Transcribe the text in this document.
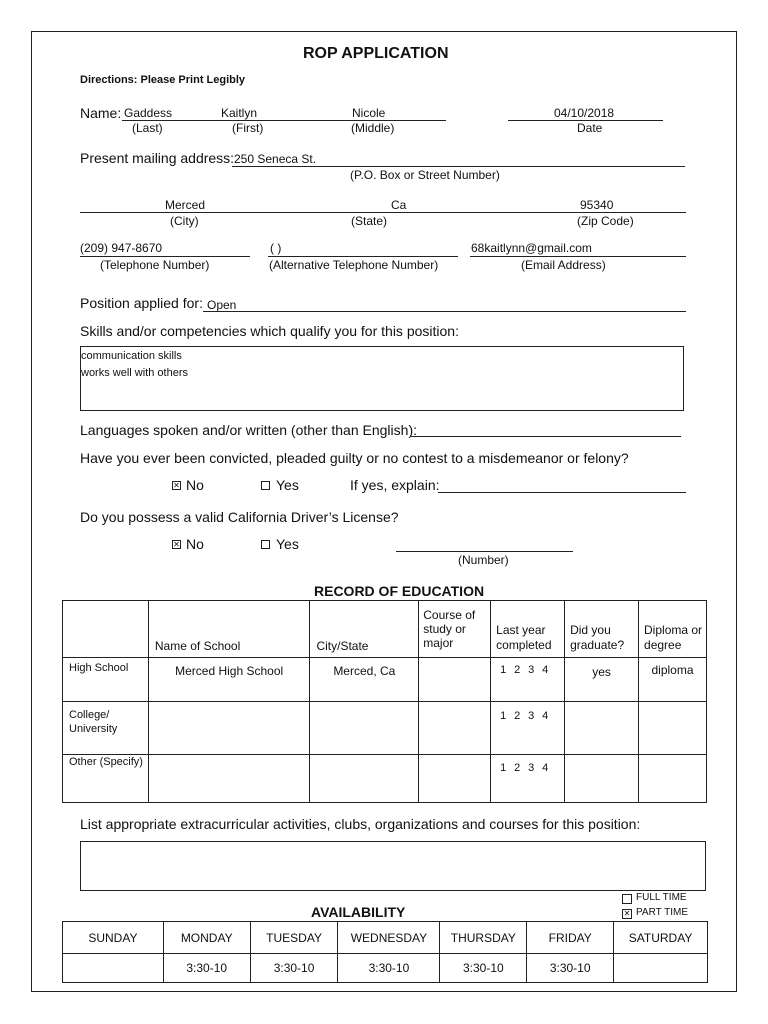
ROP APPLICATION
Directions: Please Print Legibly
Name: Gaddess	Kaitlyn	Nicole	04/10/2018
(Last)	(First)	(Middle)	Date
Present mailing address: 250 Seneca St.
(P.O. Box or Street Number)
Merced	Ca	95340
(City)	(State)	(Zip Code)
(209) 947-8670	( )	68kaitlynn@gmail.com
(Telephone Number)	(Alternative Telephone Number)	(Email Address)
Position applied for: Open
Skills and/or competencies which qualify you for this position:
communication skills
works well with others
Languages spoken and/or written (other than English):
Have you ever been convicted, pleaded guilty or no contest to a misdemeanor or felony?
✕
No	Yes	If yes, explain:
Do you possess a valid California Driver’s License?
✕
No	Yes
(Number)
RECORD OF EDUCATION
	Name of School	City/State	Course of study or major	Last year completed	Did you graduate?	Diploma or degree
High School	Merced High School	Merced, Ca		1 2 3 4	yes	diploma
College/ University				1 2 3 4		
Other (Specify)				1 2 3 4		
List appropriate extracurricular activities, clubs, organizations and courses for this position:
FULL TIME
✕
PART TIME
AVAILABILITY
SUNDAY	MONDAY	TUESDAY	WEDNESDAY	THURSDAY	FRIDAY	SATURDAY
	3:30-10	3:30-10	3:30-10	3:30-10	3:30-10	
